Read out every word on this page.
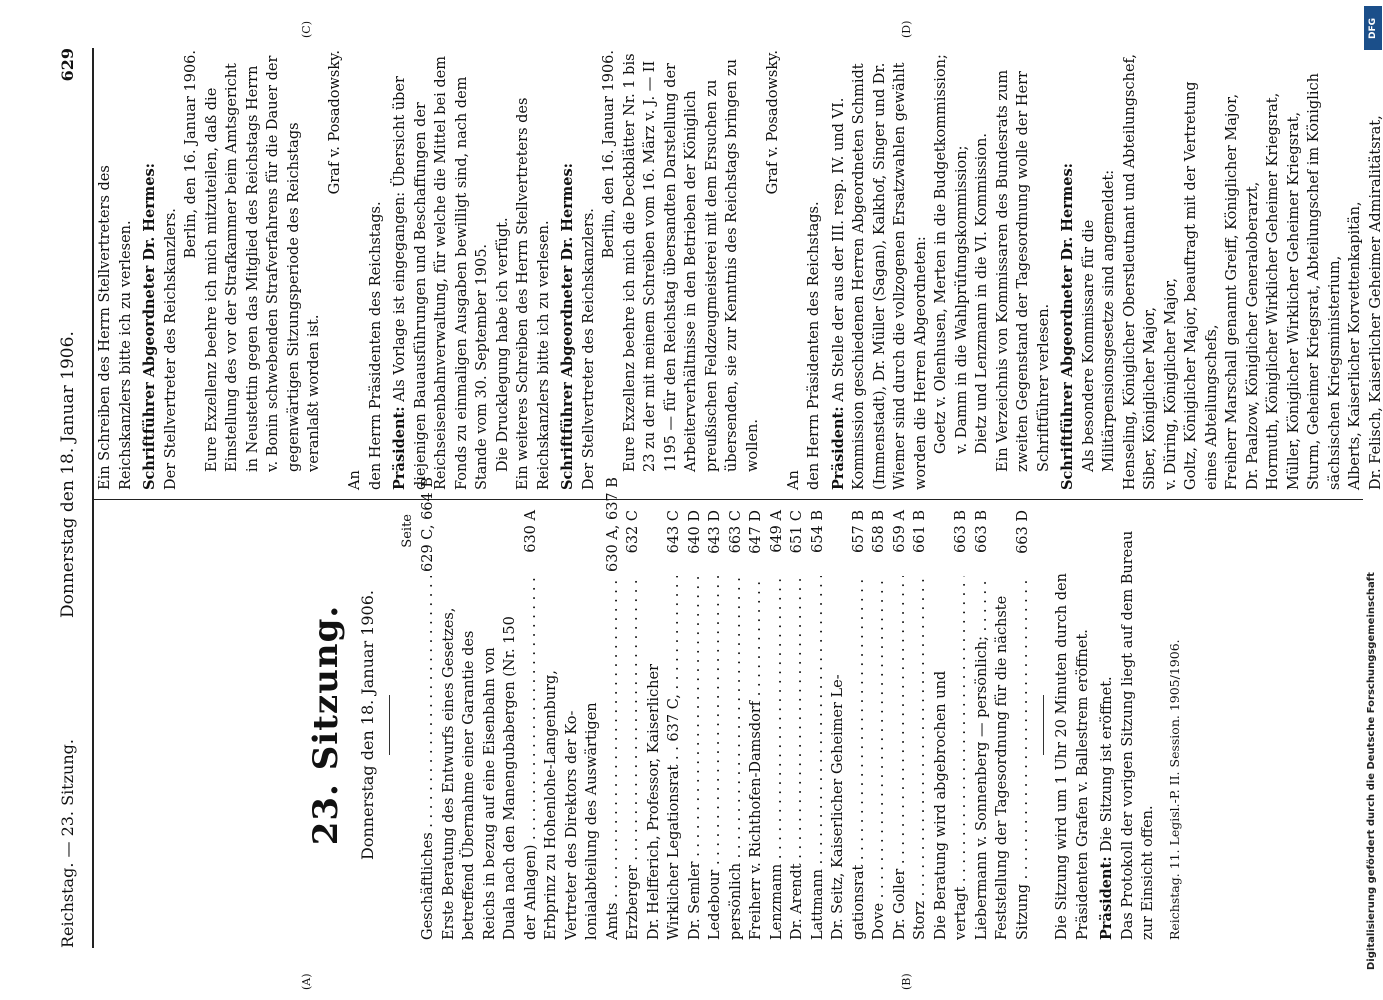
Reichstag. — 23. Sitzung.
Donnerstag den 18. Januar 1906.
629
(A)	(B)
(C)	(D)
23. Sitzung. Donnerstag den 18. Januar 1906.
Seite
Geschäftliches . . .
629 C, 664 B
Erste Beratung des Entwurfs eines Gesetzes, betreffend Übernahme einer Garantie des Reichs in bezug auf eine Eisenbahn von Duala nach den Manengubabergen (Nr. 150 der Anlagen) . . .
630 A
Erbprinz zu Hohenlohe-Langenburg, Vertreter des Direktors der Ko- lonialabteilung des Auswärtigen Amts . . .
630 A, 637 B
Erzberger . . .
632 C
Dr. Helfferich, Professor, Kaiserlicher Wirklicher Legationsrat . . 637 C, . . .
643 C
Dr. Semler . . .
640 D
Ledebour . . .
643 D
persönlich . . .
663 C
Freiherr v. Richthofen-Damsdorf . . .
647 D
Lenzmann . . .
649 A
Dr. Arendt . . .
651 C
Lattmann . . .
654 B
Dr. Seitz, Kaiserlicher Geheimer Le- gationsrat . . .
657 B
Dove . . .
658 B
Dr. Goller . . .
659 A
Storz . . .
661 B
Die Beratung wird abgebrochen und vertagt . . .
663 B
Liebermann v. Sonnenberg — persönlich; . . .
663 B
Feststellung der Tagesordnung für die nächste Sitzung . . .
663 D

Die Sitzung wird um 1 Uhr 20 Minuten durch den Präsidenten Grafen v. Ballestrem eröffnet. Präsident: Die Sitzung ist eröffnet. Das Protokoll der vorigen Sitzung liegt auf dem Bureau zur Einsicht offen. Reichstag. 11. Legisl.-P. II. Session. 1905/1906.

Ein Schreiben des Herrn Stellvertreters des Reichskanzlers bitte ich zu verlesen. Schriftführer Abgeordneter Dr. Hermes: Der Stellvertreter des Reichskanzlers.

Berlin, den 16. Januar 1906. Eure Exzellenz beehre ich mich mitzuteilen, daß die Einstellung des vor der Strafkammer beim Amtsgericht in Neustettin gegen das Mitglied des Reichstags Herrn v. Bonin schwebenden Strafverfahrens für die Dauer der gegenwärtigen Sitzungsperiode des Reichstags veranlaßt worden ist.

Graf v. Posadowsky.

An den Herrn Präsidenten des Reichstags. Präsident: Als Vorlage ist eingegangen: Übersicht über diejenigen Bauausführungen und Beschaffungen der Reichseisenbahnverwaltung, für welche die Mittel bei dem Fonds zu einmaligen Ausgaben bewilligt sind, nach dem Stande vom 30. September 1905. Die Drucklegung habe ich verfügt. Ein weiteres Schreiben des Herrn Stellvertreters des Reichskanzlers bitte ich zu verlesen. Schriftführer Abgeordneter Dr. Hermes: Der Stellvertreter des Reichskanzlers.

Berlin, den 16. Januar 1906. Eure Exzellenz beehre ich mich die Deckblätter Nr. 1 bis 23 zu der mit meinem Schreiben vom 16. März v. J. — II 1195 — für den Reichstag übersandten Darstellung der Arbeiterverhältnisse in den Betrieben der Königlich preußischen Feldzeugmeisterei mit dem Ersuchen zu übersenden, sie zur Kenntnis des Reichstags bringen zu wollen.

Graf v. Posadowsky.

An den Herrn Präsidenten des Reichstags. Präsident: An Stelle der aus der III. resp. IV. und VI. Kommission geschiedenen Herren Abgeordneten Schmidt (Immenstadt), Dr. Müller (Sagan), Kalkhof, Singer und Dr. Wiemer sind durch die vollzogenen Ersatzwahlen gewählt worden die Herren Abgeordneten: Goetz v. Olenhusen, Merten in die Budgetkommission; v. Damm in die Wahlprüfungskommission; Dietz und Lenzmann in die VI. Kommission. Ein Verzeichnis von Kommissaren des Bundesrats zum zweiten Gegenstand der Tagesordnung wolle der Herr Schriftführer verlesen. Schriftführer Abgeordneter Dr. Hermes: Als besondere Kommissare für die Militärpensionsgesetze sind angemeldet: Henseling, Königlicher Oberstleutnant und Abteilungschef, Siber, Königlicher Major, v. Düring, Königlicher Major, Goltz, Königlicher Major, beauftragt mit der Vertretung eines Abteilungschefs, Freiherr Marschall genannt Greiff, Königlicher Major, Dr. Paalzow, Königlicher Generaloberarzt, Hormuth, Königlicher Wirklicher Geheimer Kriegsrat, Müller, Königlicher Wirklicher Geheimer Kriegsrat, Sturm, Geheimer Kriegsrat, Abteilungschef im Königlich sächsischen Kriegsministerium, Alberts, Kaiserlicher Korvettenkapitän, Dr. Felisch, Kaiserlicher Geheimer Admiralitätsrat,

Digitalisierung gefördert durch die Deutsche Forschungsgemeinschaft
DFG
